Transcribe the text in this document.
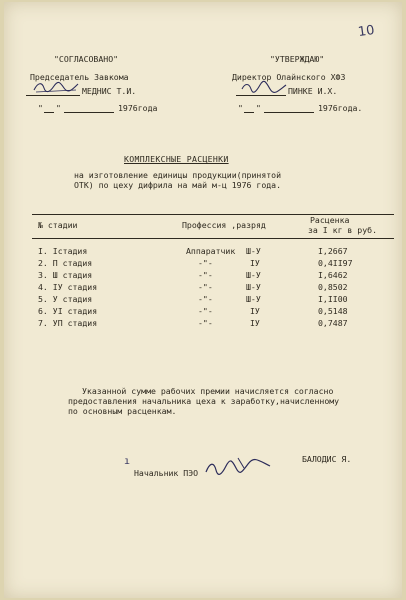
10
"СОГЛАСОВАНО"
Председатель Завкома
МЕДНИС Т.И.
" "	1976года
"УТВЕРЖДАЮ"
Директор Олайнского ХФЗ
ПИНКЕ И.Х.
" "	1976года.
КОМПЛЕКСНЫЕ РАСЦЕНКИ
на изготовление единицы продукции(принятой
ОТК) по цеху дифрила на май м-ц 1976 года.
№ стадии	Профессия ,разряд	Расценка
за I кг в руб.
I. Iстадия	Аппаратчик Ш-У	I,2667
2. П стадия	-"-	IУ	0,4II97
3. Ш стадия	-"-	Ш-У	I,6462
4. IУ стадия	-"-	Ш-У	0,8502
5. У стадия	-"-	Ш-У	I,II00
6. УI стадия	-"-	IУ	0,5148
7. УП стадия	-"-	IУ	0,7487
Указанной сумме рабочих премии начисляется согласно
предоставления начальника цеха к заработку,начисленному
по основным расценкам.
Начальник ПЭО
ı	БАЛОДИС Я.
